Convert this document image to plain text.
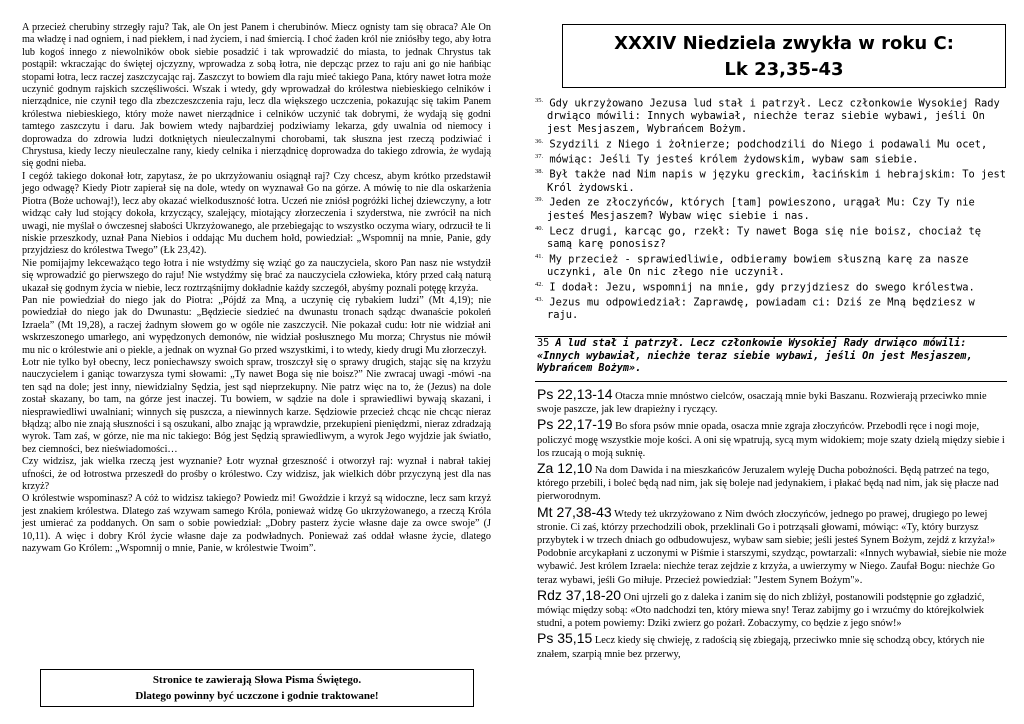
A przecież cherubiny strzegły raju? Tak, ale On jest Panem i cherubinów. Miecz ognisty tam się obraca? Ale On ma władzę i nad ogniem, i nad piekłem, i nad życiem, i nad śmiercią. I choć żaden król nie zniósłby tego, aby łotra lub kogoś innego z niewolników obok siebie posadzić i tak wprowadzić do miasta, to jednak Chrystus tak postąpił: wkraczając do świętej ojczyzny, wprowadza z sobą łotra, nie depcząc przez to raju ani go nie hańbiąc stopami łotra, lecz raczej zaszczycając raj. Zaszczyt to bowiem dla raju mieć takiego Pana, który nawet łotra może uczynić godnym rajskich szczęśliwości. Wszak i wtedy, gdy wprowadzał do królestwa niebieskiego celników i nierządnice, nie czynił tego dla zbezczeszczenia raju, lecz dla większego uczczenia, pokazując się takim Panem królestwa niebieskiego, który może nawet nierządnice i celników uczynić tak dobrymi, że wydają się godni tamtego zaszczytu i daru. Jak bowiem wtedy najbardziej podziwiamy lekarza, gdy uwalnia od niemocy i doprowadza do zdrowia ludzi dotkniętych nieuleczalnymi chorobami, tak słuszna jest rzeczą podziwiać i Chrystusa, kiedy leczy nieuleczalne rany, kiedy celnika i nierządnicę doprowadza do takiego zdrowia, że wydają się godni nieba.

I cegóż takiego dokonał łotr, zapytasz, że po ukrzyżowaniu osiągnął raj? Czy chcesz, abym krótko przedstawił jego odwagę? Kiedy Piotr zapierał się na dole, wtedy on wyznawał Go na górze. A mówię to nie dla oskarżenia Piotra (Boże uchowaj!), lecz aby okazać wielkoduszność łotra. Uczeń nie zniósł pogróżki lichej dziewczyny, a łotr widząc cały lud stojący dokoła, krzyczący, szalejący, miotający złorzeczenia i szyderstwa, nie zwrócił na nich uwagi, nie myślał o ówczesnej słabości Ukrzyżowanego, ale przebiegając to wszystko oczyma wiary, odrzucił te li niskie przeszkody, uznał Pana Niebios i oddając Mu duchem hołd, powiedział: „Wspomnij na mnie, Panie, gdy przyjdziesz do królestwa Twego” (Łk 23,42).

Nie pomijajmy lekceważąco tego łotra i nie wstydźmy się wziąć go za nauczyciela, skoro Pan nasz nie wstydził się wprowadzić go pierwszego do raju! Nie wstydźmy się brać za nauczyciela człowieka, który przed całą naturą ukazał się godnym życia w niebie, lecz roztrząśnijmy dokładnie każdy szczegół, abyśmy poznali potęgę krzyża.

Pan nie powiedział do niego jak do Piotra: „Pójdź za Mną, a uczynię cię rybakiem ludzi” (Mt 4,19); nie powiedział do niego jak do Dwunastu: „Będziecie siedzieć na dwunastu tronach sądząc dwanaście pokoleń Izraela” (Mt 19,28), a raczej żadnym słowem go w ogóle nie zaszczycił. Nie pokazał cudu: łotr nie widział ani wskrzeszonego umarłego, ani wypędzonych demonów, nie widział posłusznego Mu morza; Chrystus nie mówił mu nic o królestwie ani o piekle, a jednak on wyznał Go przed wszystkimi, i to wtedy, kiedy drugi Mu złorzeczył.

Łotr nie tylko był obecny, lecz poniechawszy swoich spraw, troszczył się o sprawy drugich, stając się na krzyżu nauczycielem i ganiąc towarzysza tymi słowami: „Ty nawet Boga się nie boisz?” Nie zwracaj uwagi -mówi -na ten sąd na dole; jest inny, niewidzialny Sędzia, jest sąd nieprzekupny. Nie patrz więc na to, że (Jezus) na dole został skazany, bo tam, na górze jest inaczej. Tu bowiem, w sądzie na dole i sprawiedliwi bywają skazani, i niesprawiedliwi uwalniani; winnych się puszcza, a niewinnych karze. Sędziowie przecież chcąc nie chcąc nieraz błądzą; albo nie znają słuszności i są oszukani, albo znając ją wprawdzie, przekupieni pieniędzmi, nieraz zdradzają wyrok. Tam zaś, w górze, nie ma nic takiego: Bóg jest Sędzią sprawiedliwym, a wyrok Jego wyjdzie jak światło, bez ciemności, bez nieświadomości…

Czy widzisz, jak wielka rzeczą jest wyznanie? Łotr wyznał grzeszność i otworzył raj: wyznał i nabrał takiej ufności, że od łotrostwa przeszedł do prośby o królestwo. Czy widzisz, jak wielkich dóbr przyczyną jest dla nas krzyż?

O królestwie wspominasz? A cóż to widzisz takiego? Powiedz mi! Gwoździe i krzyż są widoczne, lecz sam krzyż jest znakiem królestwa. Dlatego zaś wzywam samego Króla, ponieważ widzę Go ukrzyżowanego, a rzeczą Króla jest umierać za poddanych. On sam o sobie powiedział: „Dobry pasterz życie własne daje za owce swoje” (J 10,11). A więc i dobry Król życie własne daje za podwładnych. Ponieważ zaś oddał własne życie, dlatego nazywam Go Królem: „Wspomnij o mnie, Panie, w królestwie Twoim”.

Stronice te zawierają Słowa Pisma Świętego.
Dlatego powinny być uczczone i godnie traktowane!
XXXIV Niedziela zwykła w roku C:
Lk 23,35-43

$^{35.}$ Gdy ukrzyżowano Jezusa lud stał i patrzył. Lecz członkowie Wysokiej Rady drwiąco mówili: Innych wybawiał, niechże teraz siebie wybawi, jeśli On jest Mesjaszem, Wybrańcem Bożym.

$^{36.}$ Szydzili z Niego i żołnierze; podchodzili do Niego i podawali Mu ocet,

$^{37.}$ mówiąc: Jeśli Ty jesteś królem żydowskim, wybaw sam siebie.

$^{38.}$ Był także nad Nim napis w języku greckim, łacińskim i hebrajskim: To jest Król żydowski.

$^{39.}$ Jeden ze złoczyńców, których [tam] powieszono, urągał Mu: Czy Ty nie jesteś Mesjaszem? Wybaw więc siebie i nas.

$^{40.}$ Lecz drugi, karcąc go, rzekł: Ty nawet Boga się nie boisz, chociaż tę samą karę ponosisz?

$^{41.}$ My przecież - sprawiedliwie, odbieramy bowiem słuszną karę za nasze uczynki, ale On nic złego nie uczynił.

$^{42.}$ I dodał: Jezu, wspomnij na mnie, gdy przyjdziesz do swego królestwa.

$^{43.}$ Jezus mu odpowiedział: Zaprawdę, powiadam ci: Dziś ze Mną będziesz w raju.

35 A lud stał i patrzył. Lecz członkowie Wysokiej Rady drwiąco mówili: «Innych wybawiał, niechże teraz siebie wybawi, jeśli On jest Mesjaszem, Wybrańcem Bożym».

Ps 22,13-14 Otacza mnie mnóstwo cielców, osaczają mnie byki Baszanu. Rozwierają przeciwko mnie swoje paszcze, jak lew drapieżny i ryczący.

Ps 22,17-19 Bo sfora psów mnie opada, osacza mnie zgraja złoczyńców. Przebodli ręce i nogi moje, policzyć mogę wszystkie moje kości. A oni się wpatrują, sycą mym widokiem; moje szaty dzielą między siebie i los rzucają o moją suknię.

Za 12,10 Na dom Dawida i na mieszkańców Jeruzalem wyleję Ducha pobożności. Będą patrzeć na tego, którego przebili, i boleć będą nad nim, jak się boleje nad jedynakiem, i płakać będą nad nim, jak się płacze nad pierworodnym.

Mt 27,38-43 Wtedy też ukrzyżowano z Nim dwóch złoczyńców, jednego po prawej, drugiego po lewej stronie. Ci zaś, którzy przechodzili obok, przeklinali Go i potrząsali głowami, mówiąc: «Ty, który burzysz przybytek i w trzech dniach go odbudowujesz, wybaw sam siebie; jeśli jesteś Synem Bożym, zejdź z krzyża!» Podobnie arcykapłani z uczonymi w Piśmie i starszymi, szydząc, powtarzali: «Innych wybawiał, siebie nie może wybawić. Jest królem Izraela: niechże teraz zejdzie z krzyża, a uwierzymy w Niego. Zaufał Bogu: niechże Go teraz wybawi, jeśli Go miłuje. Przecież powiedział: "Jestem Synem Bożym"».

Rdz 37,18-20 Oni ujrzeli go z daleka i zanim się do nich zbliżył, postanowili podstępnie go zgładzić, mówiąc między sobą: «Oto nadchodzi ten, który miewa sny! Teraz zabijmy go i wrzućmy do którejkolwiek studni, a potem powiemy: Dziki zwierz go pożarł. Zobaczymy, co będzie z jego snów!»

Ps 35,15 Lecz kiedy się chwieję, z radością się zbiegają, przeciwko mnie się schodzą obcy, których nie znałem, szarpią mnie bez przerwy,
